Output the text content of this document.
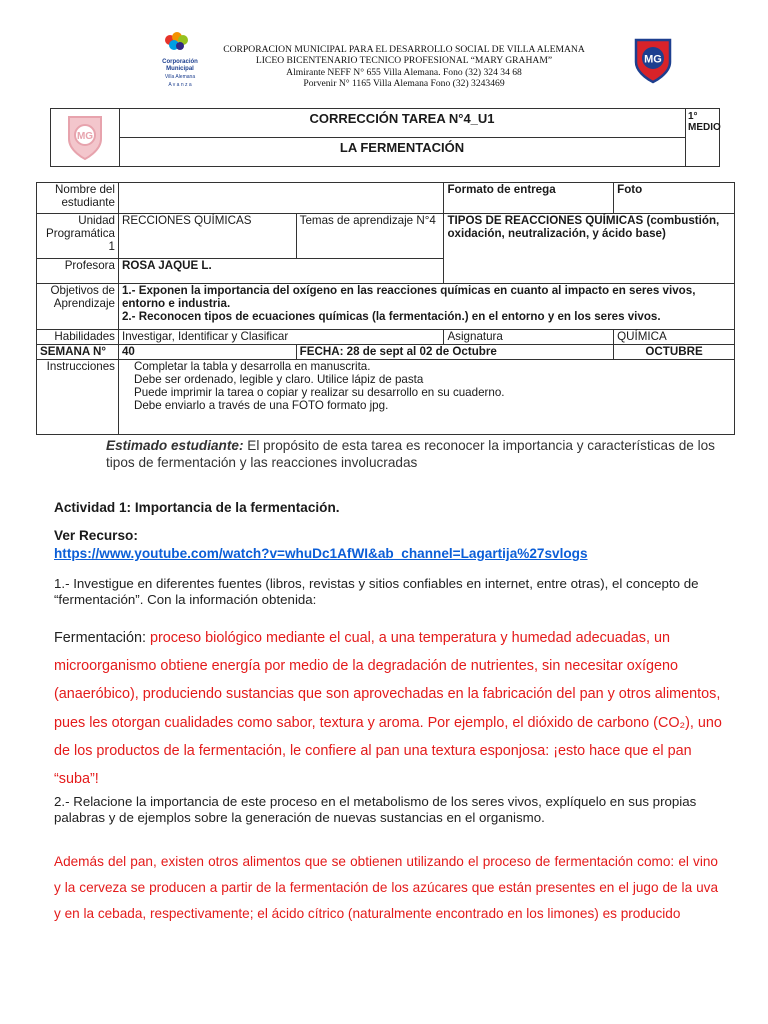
Corporación
Municipal
Villa Alemana
A v a n z a
CORPORACION MUNICIPAL PARA EL DESARROLLO SOCIAL DE VILLA ALEMANA
LICEO BICENTENARIO TECNICO PROFESIONAL “MARY GRAHAM”
Almirante NEFF N° 655 Villa Alemana. Fono (32) 324 34 68
Porvenir N° 1165 Villa Alemana Fono (32) 3243469
MG
MG
CORRECCIÓN TAREA N°4_U1
LA FERMENTACIÓN
1° MEDIO
Nombre del estudiante			Formato de entrega	Foto
Unidad Programática 1	RECCIONES QUÍMICAS	Temas de aprendizaje N°4	TIPOS DE REACCIONES QUÍMICAS (combustión, oxidación, neutralización, y ácido base)	
Profesora	ROSA JAQUE L.			
Objetivos de Aprendizaje	1.- Exponen la importancia del oxígeno en las reacciones químicas en cuanto al impacto en seres vivos, entorno e industria.
2.- Reconocen tipos de ecuaciones químicas (la fermentación.) en el entorno y en los seres vivos.			

Habilidades	Investigar, Identificar y Clasificar		Asignatura	QUÍMICA
SEMANA N°	40	FECHA: 28 de sept al 02 de Octubre		OCTUBRE
Instrucciones	Completar la tabla y desarrolla en manuscrita.
Debe ser ordenado, legible y claro. Utilice lápiz de pasta
Puede imprimir la tarea o copiar y realizar su desarrollo en su cuaderno.
Debe enviarlo a través de una FOTO formato jpg.			
Estimado estudiante: El propósito de esta tarea es reconocer la importancia y características de los tipos de fermentación y las reacciones involucradas
Actividad 1: Importancia de la fermentación.
Ver Recurso:
https://www.youtube.com/watch?v=whuDc1AfWI&ab_channel=Lagartija%27svlogs
1.- Investigue en diferentes fuentes (libros, revistas y sitios confiables en internet, entre otras), el concepto de “fermentación”. Con la información obtenida:
Fermentación: proceso biológico mediante el cual, a una temperatura y humedad adecuadas, un microorganismo obtiene energía por medio de la degradación de nutrientes, sin necesitar oxígeno (anaeróbico), produciendo sustancias que son aprovechadas en la fabricación del pan y otros alimentos, pues les otorgan cualidades como sabor, textura y aroma. Por ejemplo, el dióxido de carbono (CO₂), uno de los productos de la fermentación, le confiere al pan una textura esponjosa: ¡esto hace que el pan “suba”!
2.- Relacione la importancia de este proceso en el metabolismo de los seres vivos, explíquelo en sus propias palabras y de ejemplos sobre la generación de nuevas sustancias en el organismo.
Además del pan, existen otros alimentos que se obtienen utilizando el proceso de fermentación como: el vino y la cerveza se producen a partir de la fermentación de los azúcares que están presentes en el jugo de la uva y en la cebada, respectivamente; el ácido cítrico (naturalmente encontrado en los limones) es producido
